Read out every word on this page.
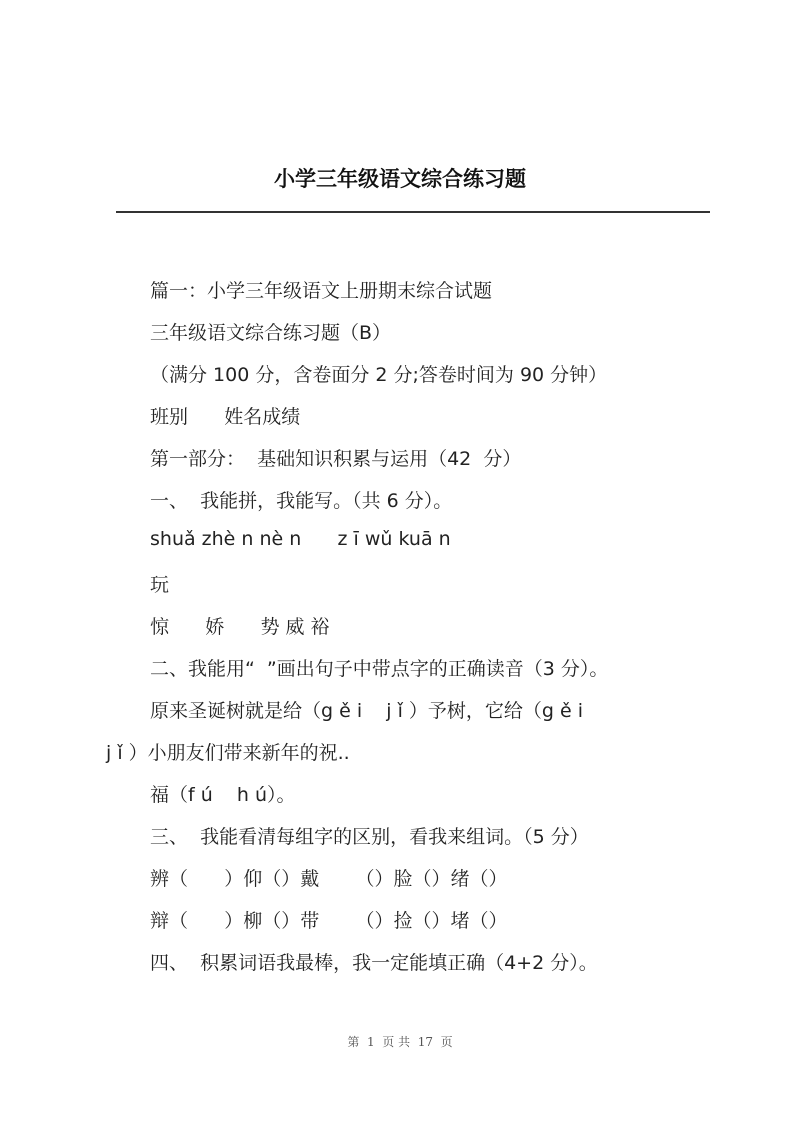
小学三年级语文综合练习题
篇一：小学三年级语文上册期末综合试题
三年级语文综合练习题（B）
（满分 100 分，含卷面分 2 分;答卷时间为 90 分钟）
班别      姓名成绩
第一部分：  基础知识积累与运用（42  分）
一、  我能拼，我能写。（共 6 分）。
shuǎ zhè n nè n      z ī wǔ kuā n
玩
惊      娇      势 威 裕
二、我能用“  ”画出句子中带点字的正确读音（3 分）。
原来圣诞树就是给（g ě i    j ǐ ）予树，它给（g ě i
j ǐ ）小朋友们带来新年的祝..
福（f ú    h ú）。
三、  我能看清每组字的区别，看我来组词。（5 分）
辨（      ）仰（）戴      （）脸（）绪（）
辩（      ）柳（）带      （）捡（）堵（）
四、  积累词语我最棒，我一定能填正确（4+2 分）。
第  1  页 共  17  页
